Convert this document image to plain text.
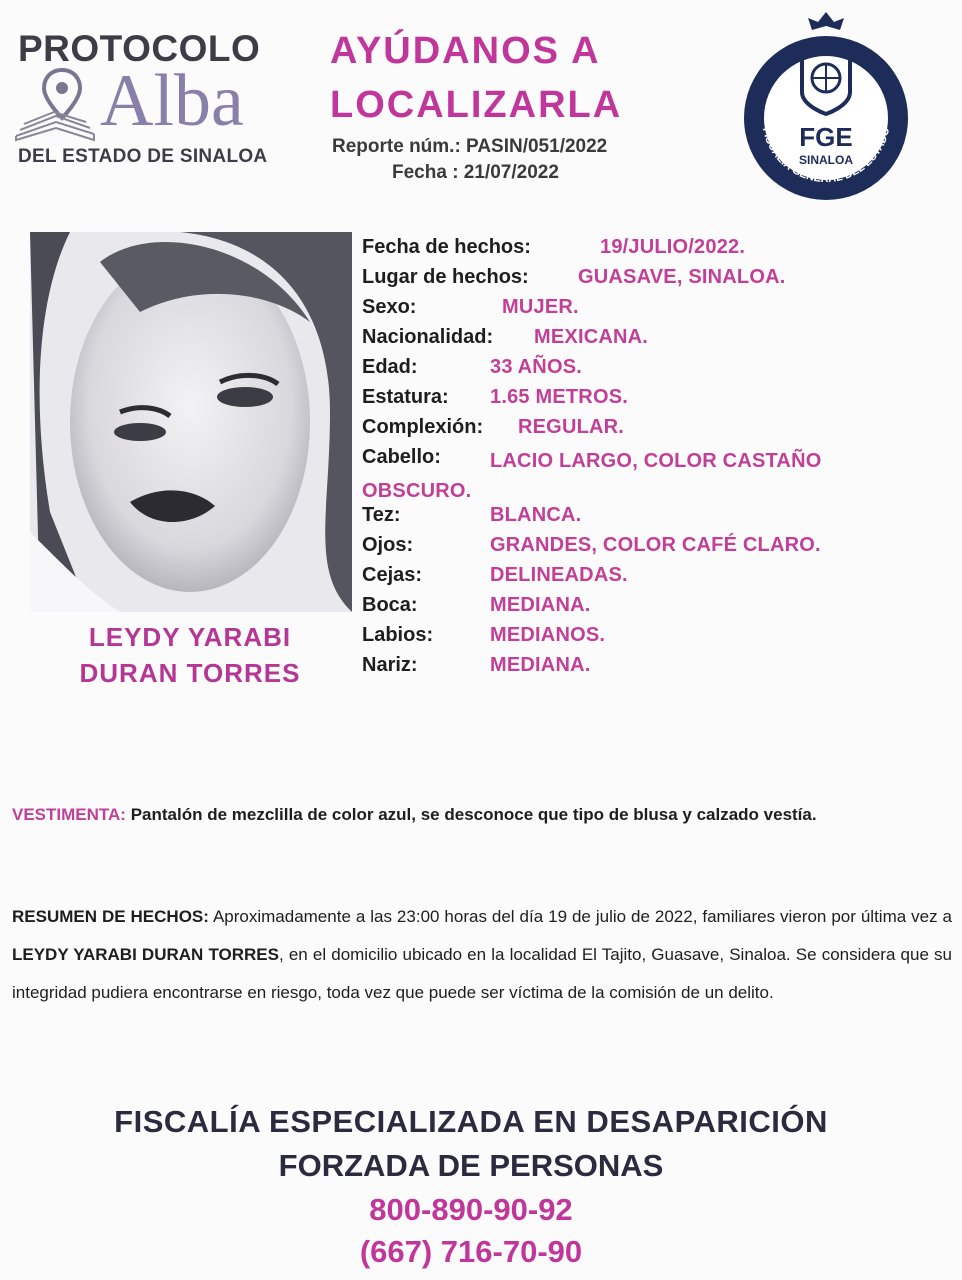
PROTOCOLO
Alba
DEL ESTADO DE SINALOA
AYÚDANOS A
LOCALIZARLA
Reporte núm.: PASIN/051/2022
Fecha : 21/07/2022
FGE
SINALOA
FISCALÍA GENERAL DEL ESTADO
LEYDY YARABI
DURAN TORRES
Fecha de hechos:	19/JULIO/2022.
Lugar de hechos: GUASAVE, SINALOA.
Sexo:	MUJER.
Nacionalidad: MEXICANA.
Edad:	33 AÑOS.
Estatura: 1.65 METROS.
Complexión: REGULAR.
Cabello:	LACIO LARGO, COLOR CASTAÑO OBSCURO.
Tez:	BLANCA.
Ojos:	GRANDES, COLOR CAFÉ CLARO.
Cejas:	DELINEADAS.
Boca:	MEDIANA.
Labios:	MEDIANOS.
Nariz:	MEDIANA.
VESTIMENTA: Pantalón de mezclilla de color azul, se desconoce que tipo de blusa y calzado vestía.
RESUMEN DE HECHOS: Aproximadamente a las 23:00 horas del día 19 de julio de 2022, familiares vieron por última vez a LEYDY YARABI DURAN TORRES, en el domicilio ubicado en la localidad El Tajito, Guasave, Sinaloa. Se considera que su integridad pudiera encontrarse en riesgo, toda vez que puede ser víctima de la comisión de un delito.
FISCALÍA ESPECIALIZADA EN DESAPARICIÓN
FORZADA DE PERSONAS
800-890-90-92
(667) 716-70-90
